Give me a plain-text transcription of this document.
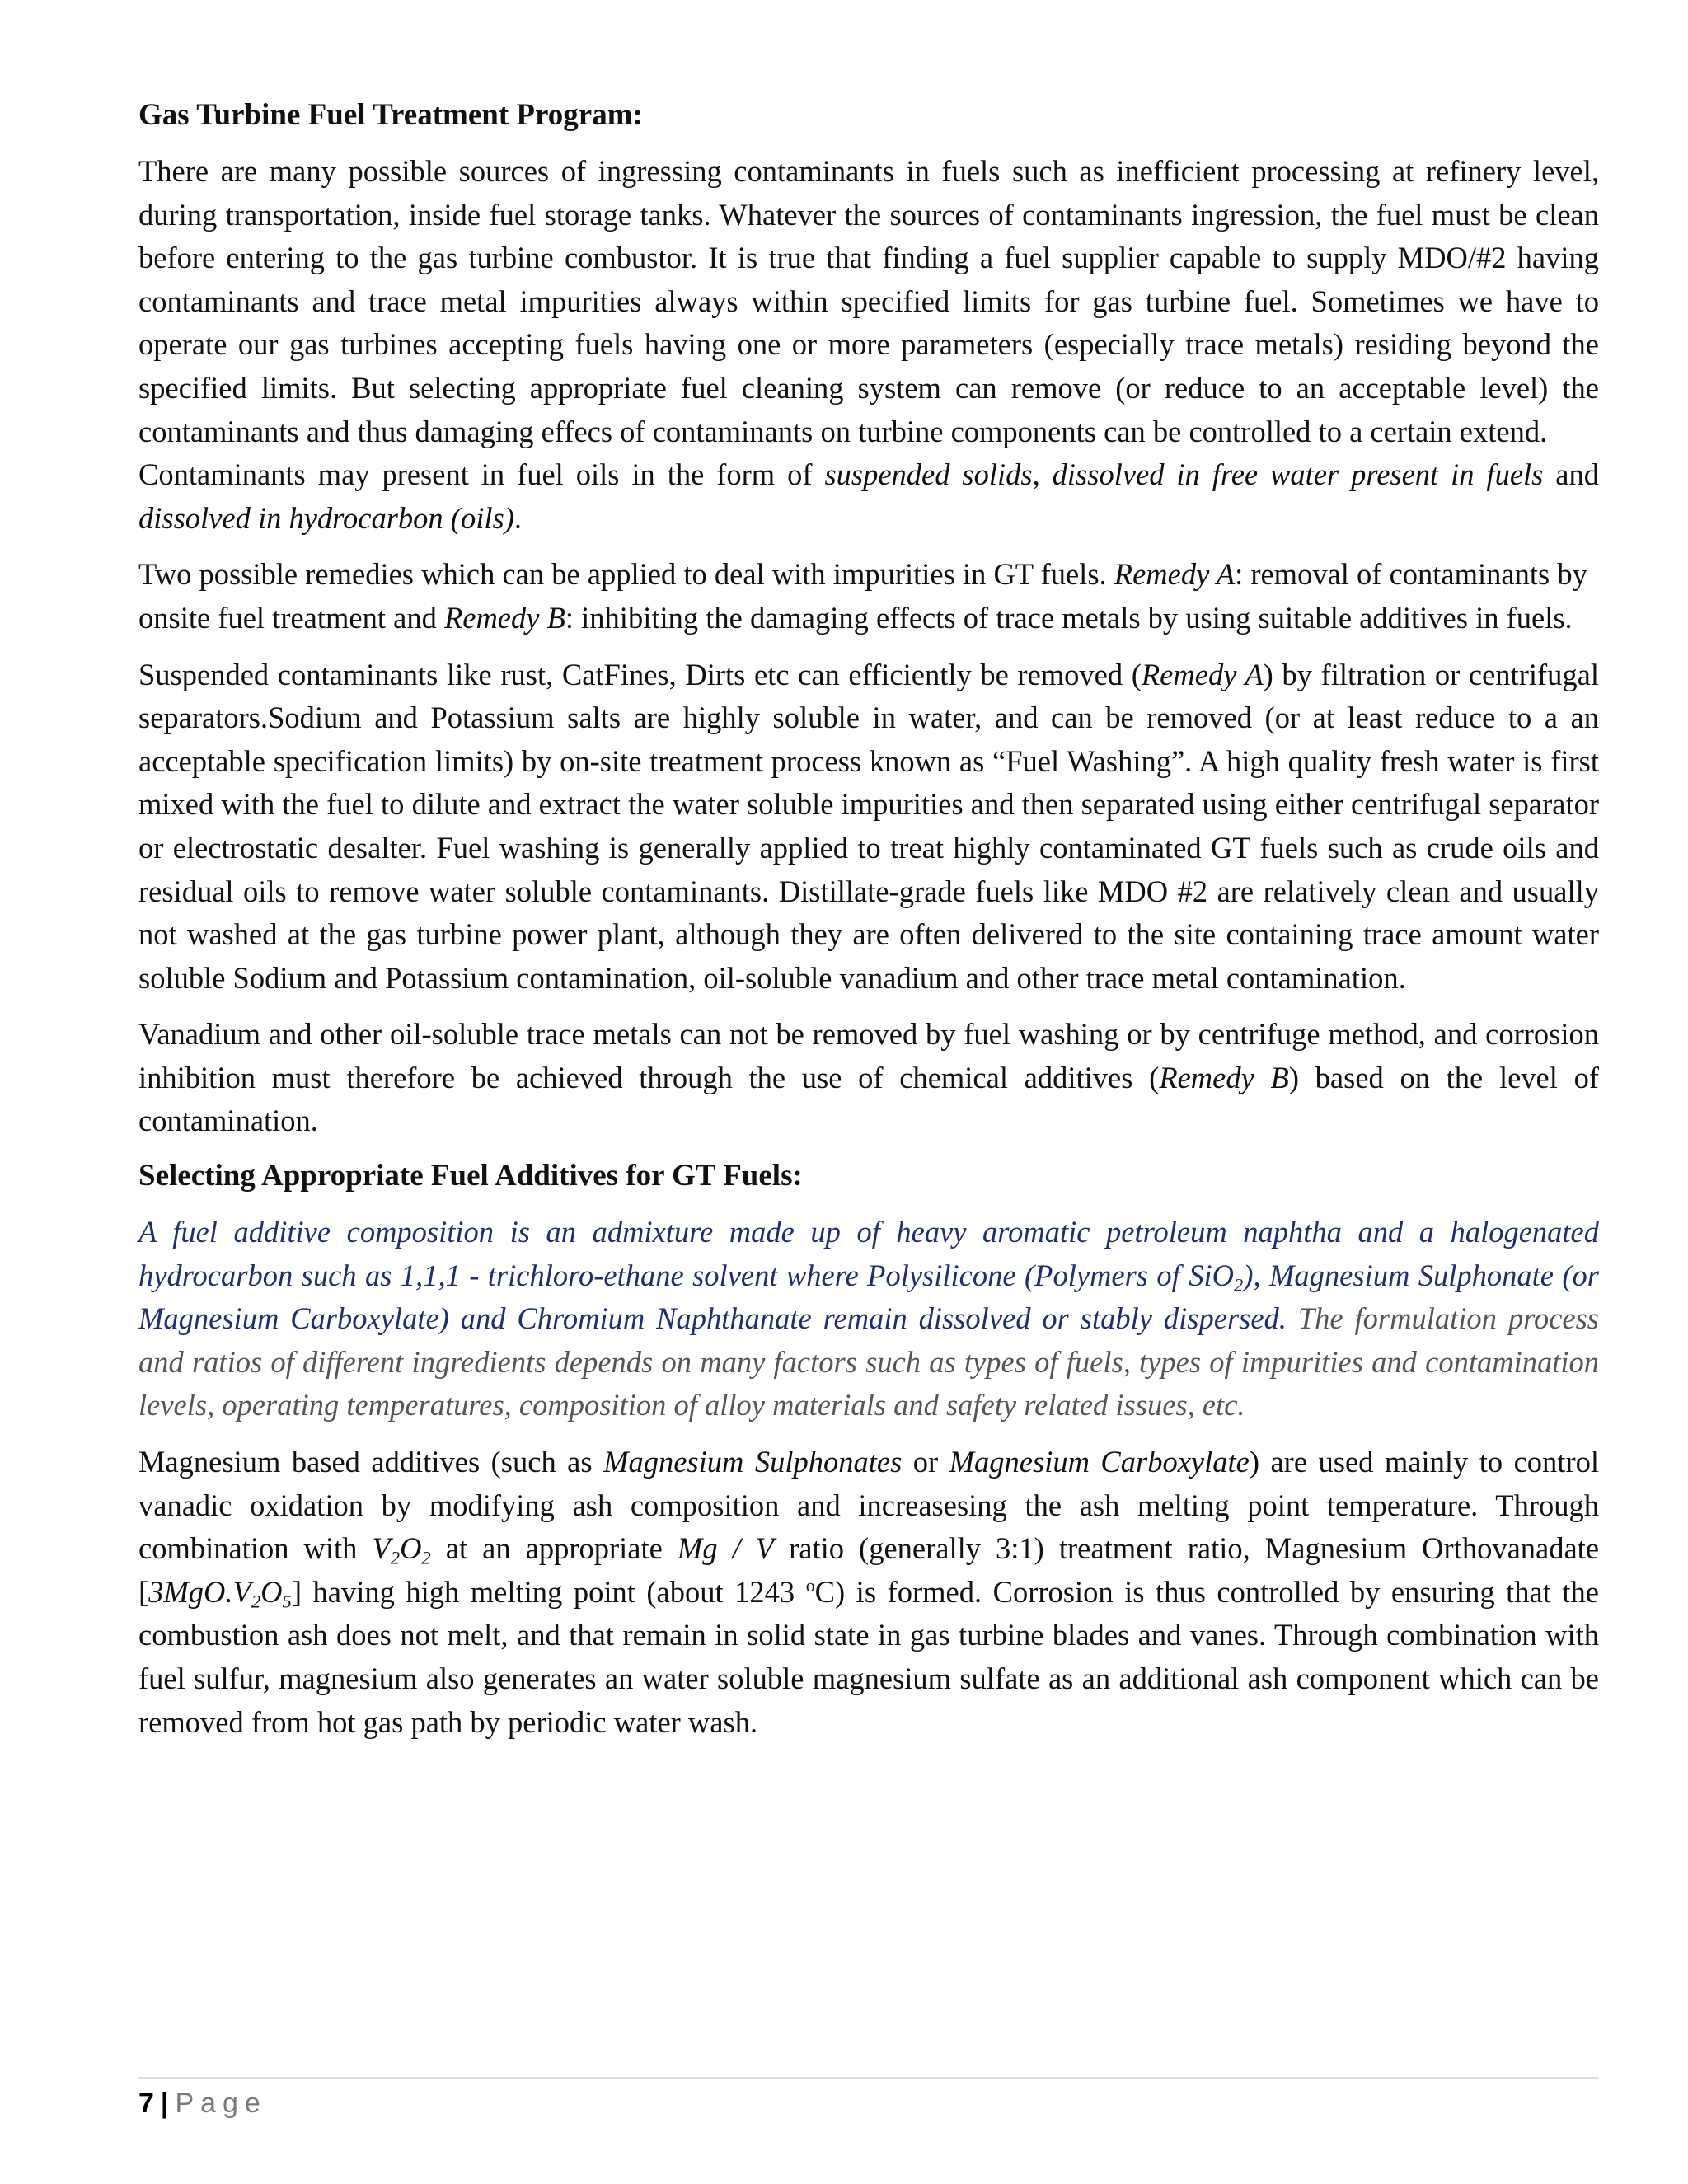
Gas Turbine Fuel Treatment Program:

There are many possible sources of ingressing contaminants in fuels such as inefficient processing at refinery level, during transportation, inside fuel storage tanks. Whatever the sources of contaminants ingression, the fuel must be clean before entering to the gas turbine combustor. It is true that finding a fuel supplier capable to supply MDO/#2 having contaminants and trace metal impurities always within specified limits for gas turbine fuel. Sometimes we have to operate our gas turbines accepting fuels having one or more parameters (especially trace metals) residing beyond the specified limits. But selecting appropriate fuel cleaning system can remove (or reduce to an acceptable level) the contaminants and thus damaging effecs of contaminants on turbine components can be controlled to a certain extend.

Contaminants may present in fuel oils in the form of suspended solids, dissolved in free water present in fuels and dissolved in hydrocarbon (oils).

Two possible remedies which can be applied to deal with impurities in GT fuels. Remedy A: removal of contaminants by onsite fuel treatment and Remedy B: inhibiting the damaging effects of trace metals by using suitable additives in fuels.

Suspended contaminants like rust, CatFines, Dirts etc can efficiently be removed (Remedy A) by filtration or centrifugal separators.Sodium and Potassium salts are highly soluble in water, and can be removed (or at least reduce to a an acceptable specification limits) by on-site treatment process known as “Fuel Washing”. A high quality fresh water is first mixed with the fuel to dilute and extract the water soluble impurities and then separated using either centrifugal separator or electrostatic desalter. Fuel washing is generally applied to treat highly contaminated GT fuels such as crude oils and residual oils to remove water soluble contaminants. Distillate-grade fuels like MDO #2 are relatively clean and usually not washed at the gas turbine power plant, although they are often delivered to the site containing trace amount water soluble Sodium and Potassium contamination, oil-soluble vanadium and other trace metal contamination.

Vanadium and other oil-soluble trace metals can not be removed by fuel washing or by centrifuge method, and corrosion inhibition must therefore be achieved through the use of chemical additives (Remedy B) based on the level of contamination.

Selecting Appropriate Fuel Additives for GT Fuels:

A fuel additive composition is an admixture made up of heavy aromatic petroleum naphtha and a halogenated hydrocarbon such as 1,1,1 - trichloro-ethane solvent where Polysilicone (Polymers of SiO$_2$), Magnesium Sulphonate (or Magnesium Carboxylate) and Chromium Naphthanate remain dissolved or stably dispersed. The formulation process and ratios of different ingredients depends on many factors such as types of fuels, types of impurities and contamination levels, operating temperatures, composition of alloy materials and safety related issues, etc.

Magnesium based additives (such as Magnesium Sulphonates or Magnesium Carboxylate) are used mainly to control vanadic oxidation by modifying ash composition and increasesing the ash melting point temperature. Through combination with $V_2O_2$ at an appropriate Mg / V ratio (generally 3:1) treatment ratio, Magnesium Orthovanadate $[3MgO.V_2O_5]$ having high melting point (about 1243 $^o$C) is formed. Corrosion is thus controlled by ensuring that the combustion ash does not melt, and that remain in solid state in gas turbine blades and vanes. Through combination with fuel sulfur, magnesium also generates an water soluble magnesium sulfate as an additional ash component which can be removed from hot gas path by periodic water wash.

7 | Page
